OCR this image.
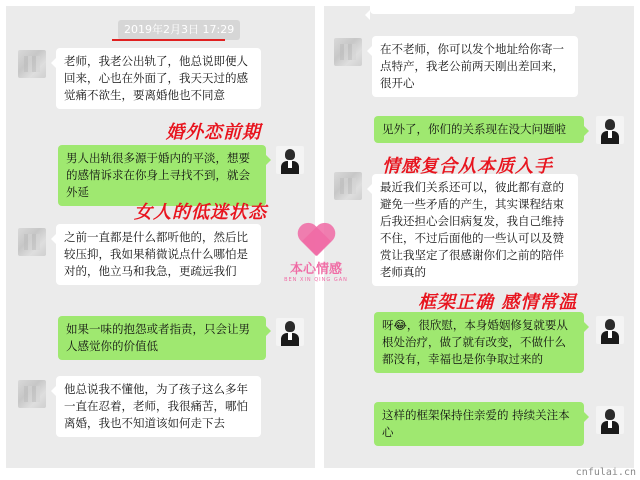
2019年2月3日 17:29
老师，我老公出轨了，他总说即便人回来，心也在外面了，我天天过的感觉痛不欲生，要离婚他也不同意
男人出轨很多源于婚内的平淡，想要的感情诉求在你身上寻找不到，就会外延
之前一直都是什么都听他的，然后比较压抑，我如果稍微说点什么哪怕是对的，他立马和我急，更疏远我们
如果一味的抱怨或者指责，只会让男人感觉你的价值低
他总说我不懂他，为了孩子这么多年一直在忍着，老师，我很痛苦，哪怕离婚，我也不知道该如何走下去
婚外恋前期
女人的低迷状态
在不老师，你可以发个地址给你寄一点特产，我老公前两天刚出差回来，很开心
见外了，你们的关系现在没大问题啦
最近我们关系还可以，彼此都有意的避免一些矛盾的产生，其实课程结束后我还担心会旧病复发，我自己维持不住，不过后面他的一些认可以及赞赏让我坚定了很感谢你们之前的陪伴老师真的
呀😂，很欣慰，本身婚姻修复就要从根处治疗，做了就有改变，不做什么都没有，幸福也是你争取过来的
这样的框架保持住亲爱的 持续关注本心
情感复合从本质入手
框架正确 感情常温
本心情感
BEN XIN QING GAN
cnfulai.cn
